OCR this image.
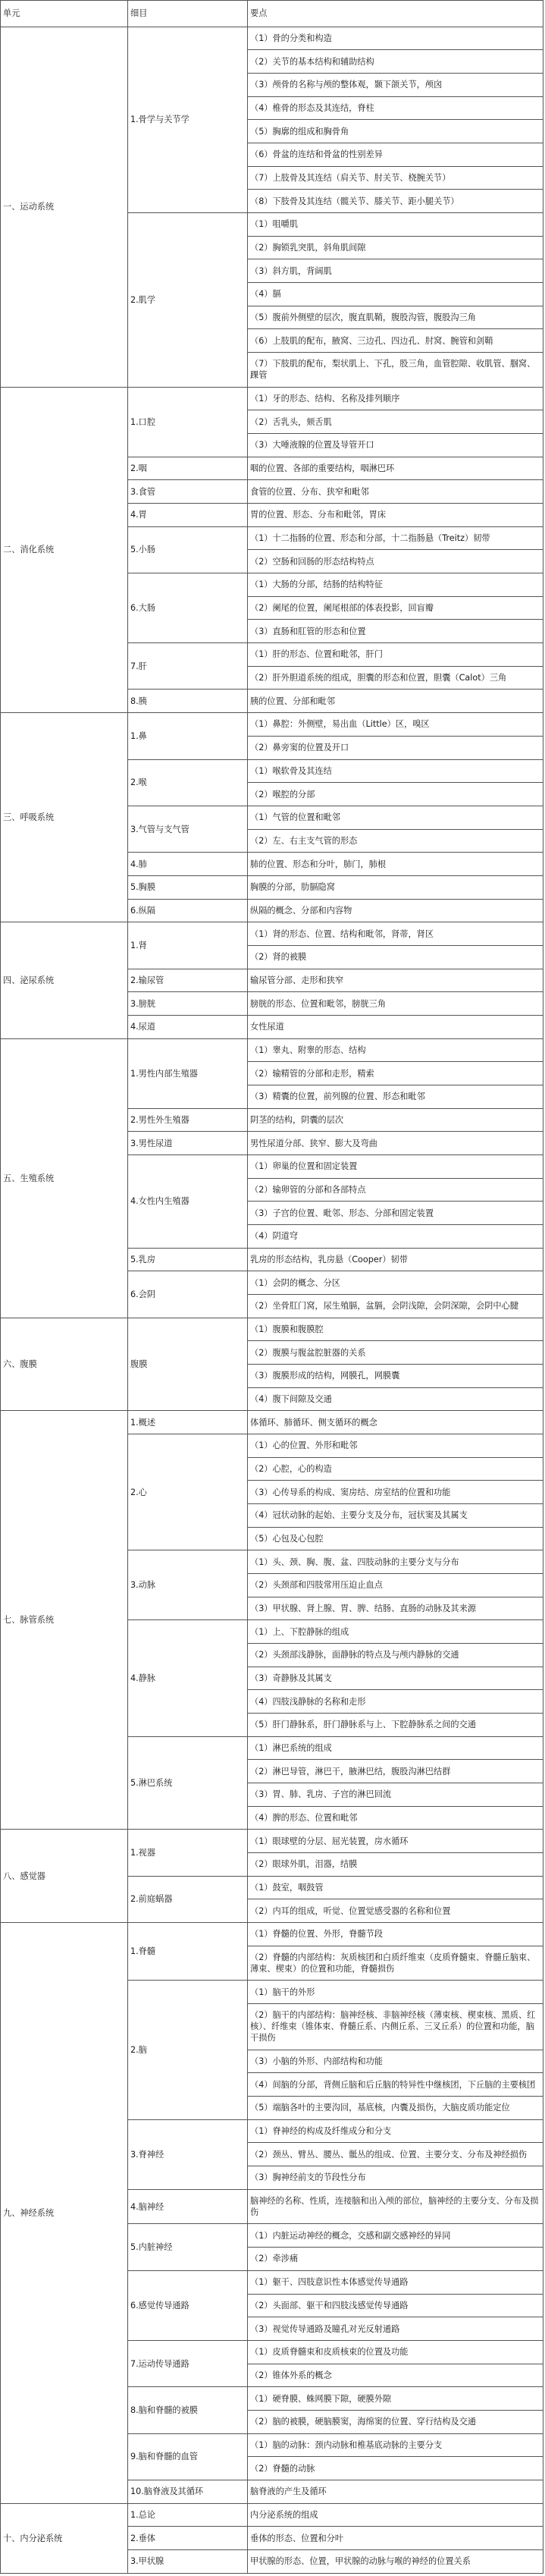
单元	细目	要点
一、运动系统	1.骨学与关节学	（1）骨的分类和构造
		（2）关节的基本结构和辅助结构
		（3）颅骨的名称与颅的整体观，颞下颌关节，颅囟
		（4）椎骨的形态及其连结，脊柱
		（5）胸廓的组成和胸骨角
		（6）骨盆的连结和骨盆的性别差异
		（7）上肢骨及其连结（肩关节、肘关节、桡腕关节）
		（8）下肢骨及其连结（髋关节、膝关节、距小腿关节）
	2.肌学	（1）咀嚼肌
		（2）胸锁乳突肌，斜角肌间隙
		（3）斜方肌，背阔肌
		（4）膈
		（5）腹前外侧壁的层次，腹直肌鞘，腹股沟管，腹股沟三角
		（6）上肢肌的配布，腋窝、三边孔、四边孔、肘窝、腕管和剑鞘
		（7）下肢肌的配布，梨状肌上、下孔，股三角，血管腔隙、收肌管、腘窝、踝管
二、消化系统	1.口腔	（1）牙的形态、结构、名称及排列顺序
		（2）舌乳头，颏舌肌
		（3）大唾液腺的位置及导管开口
	2.咽	咽的位置、各部的重要结构，咽淋巴环
	3.食管	食管的位置、分布、狭窄和毗邻
	4.胃	胃的位置、形态、分布和毗邻，胃床
	5.小肠	（1）十二指肠的位置、形态和分部，十二指肠悬（Treitz）韧带
		（2）空肠和回肠的形态结构特点
	6.大肠	（1）大肠的分部，结肠的结构特征
		（2）阑尾的位置，阑尾根部的体表投影，回盲瓣
		（3）直肠和肛管的形态和位置
	7.肝	（1）肝的形态、位置和毗邻，肝门
		（2）肝外胆道系统的组成，胆囊的形态和位置，胆囊（Calot）三角
	8.胰	胰的位置、分部和毗邻
三、呼吸系统	1.鼻	（1）鼻腔：外侧壁，易出血（Little）区，嗅区
		（2）鼻旁窦的位置及开口
	2.喉	（1）喉软骨及其连结
		（2）喉腔的分部
	3.气管与支气管	（1）气管的位置和毗邻
		（2）左、右主支气管的形态
	4.肺	肺的位置、形态和分叶，肺门，肺根
	5.胸膜	胸膜的分部，肋膈隐窝
	6.纵隔	纵隔的概念、分部和内容物
四、泌尿系统	1.肾	（1）肾的形态、位置、结构和毗邻，肾蒂，肾区
		（2）肾的被膜
	2.输尿管	输尿管分部、走形和狭窄
	3.膀胱	膀胱的形态、位置和毗邻，膀胱三角
	4.尿道	女性尿道
五、生殖系统	1.男性内部生殖器	（1）睾丸、附睾的形态、结构
		（2）输精管的分部和走形，精索
		（3）精囊的位置，前列腺的位置、形态和毗邻
	2.男性外生殖器	阴茎的结构，阴囊的层次
	3.男性尿道	男性尿道分部、狭窄、膨大及弯曲
	4.女性内生殖器	（1）卵巢的位置和固定装置
		（2）输卵管的分部和各部特点
		（3）子宫的位置、毗邻、形态、分部和固定装置
		（4）阴道穹
	5.乳房	乳房的形态结构，乳房悬（Cooper）韧带
	6.会阴	（1）会阴的概念、分区
		（2）坐骨肛门窝，尿生殖膈，盆膈，会阴浅隙，会阴深隙，会阴中心腱
六、腹膜	腹膜	（1）腹膜和腹膜腔
		（2）腹膜与腹盆腔脏器的关系
		（3）腹膜形成的结构，网膜孔，网膜囊
		（4）腹下间隙及交通
七、脉管系统	1.概述	体循环、肺循环、侧支循环的概念
	2.心	（1）心的位置、外形和毗邻
		（2）心腔，心的构造
		（3）心传导系的构成、窦房结、房室结的位置和功能
		（4）冠状动脉的起始、主要分支及分布，冠状窦及其属支
		（5）心包及心包腔
	3.动脉	（1）头、颈、胸、腹、盆、四肢动脉的主要分支与分布
		（2）头颈部和四肢常用压迫止血点
		（3）甲状腺、肾上腺、胃、脾、结肠、直肠的动脉及其来源
	4.静脉	（1）上、下腔静脉的组成
		（2）头颈部浅静脉，面静脉的特点及与颅内静脉的交通
		（3）奇静脉及其属支
		（4）四肢浅静脉的名称和走形
		（5）肝门静脉系，肝门静脉系与上、下腔静脉系之间的交通
	5.淋巴系统	（1）淋巴系统的组成
		（2）淋巴导管，淋巴干，腋淋巴结，腹股沟淋巴结群
		（3）胃、肺、乳房、子宫的淋巴回流
		（4）脾的形态、位置和毗邻
八、感觉器	1.视器	（1）眼球壁的分层、屈光装置，房水循环
		（2）眼球外肌，泪器，结膜
	2.前庭蜗器	（1）鼓室，咽鼓管
		（2）内耳的组成，听觉、位置觉感受器的名称和位置
九、神经系统	1.脊髓	（1）脊髓的位置、外形，脊髓节段
		（2）脊髓的内部结构：灰质核团和白质纤维束（皮质脊髓束、脊髓丘脑束、薄束、楔束）的位置和功能，脊髓损伤
	2.脑	（1）脑干的外形
		（2）脑干的内部结构：脑神经核、非脑神经核（薄束核、楔束核、黑质、红核）、纤维束（锥体束、脊髓丘系、内侧丘系、三叉丘系）的位置和功能，脑干损伤
		（3）小脑的外形、内部结构和功能
		（4）间脑的分部，背侧丘脑和后丘脑的特异性中继核团，下丘脑的主要核团
		（5）端脑各叶的主要沟回，基底核，内囊及损伤，大脑皮质功能定位
	3.脊神经	（1）脊神经的构成及纤维成分和分支
		（2）颈丛、臂丛、腰丛、骶丛的组成、位置、主要分支、分布及神经损伤
		（3）胸神经前支的节段性分布
	4.脑神经	脑神经的名称、性质，连接脑和出入颅的部位，脑神经的主要分支、分布及损伤
	5.内脏神经	（1）内脏运动神经的概念，交感和副交感神经的异同
		（2）牵涉痛
	6.感觉传导通路	（1）躯干、四肢意识性本体感觉传导通路
		（2）头面部、躯干和四肢浅感觉传导通路
		（3）视觉传导通路及瞳孔对光反射通路
	7.运动传导通路	（1）皮质脊髓束和皮质核束的位置及功能
		（2）锥体外系的概念
	8.脑和脊髓的被膜	（1）硬脊膜、蛛网膜下隙，硬膜外隙
		（2）脑的被膜，硬脑膜窦，海绵窦的位置、穿行结构及交通
	9.脑和脊髓的血管	（1）脑的动脉：颈内动脉和椎基底动脉的主要分支
		（2）脊髓的动脉
	10.脑脊液及其循环	脑脊液的产生及循环
十、内分泌系统	1.总论	内分泌系统的组成
	2.垂体	垂体的形态、位置和分叶
	3.甲状腺	甲状腺的形态、位置，甲状腺的动脉与喉的神经的位置关系
